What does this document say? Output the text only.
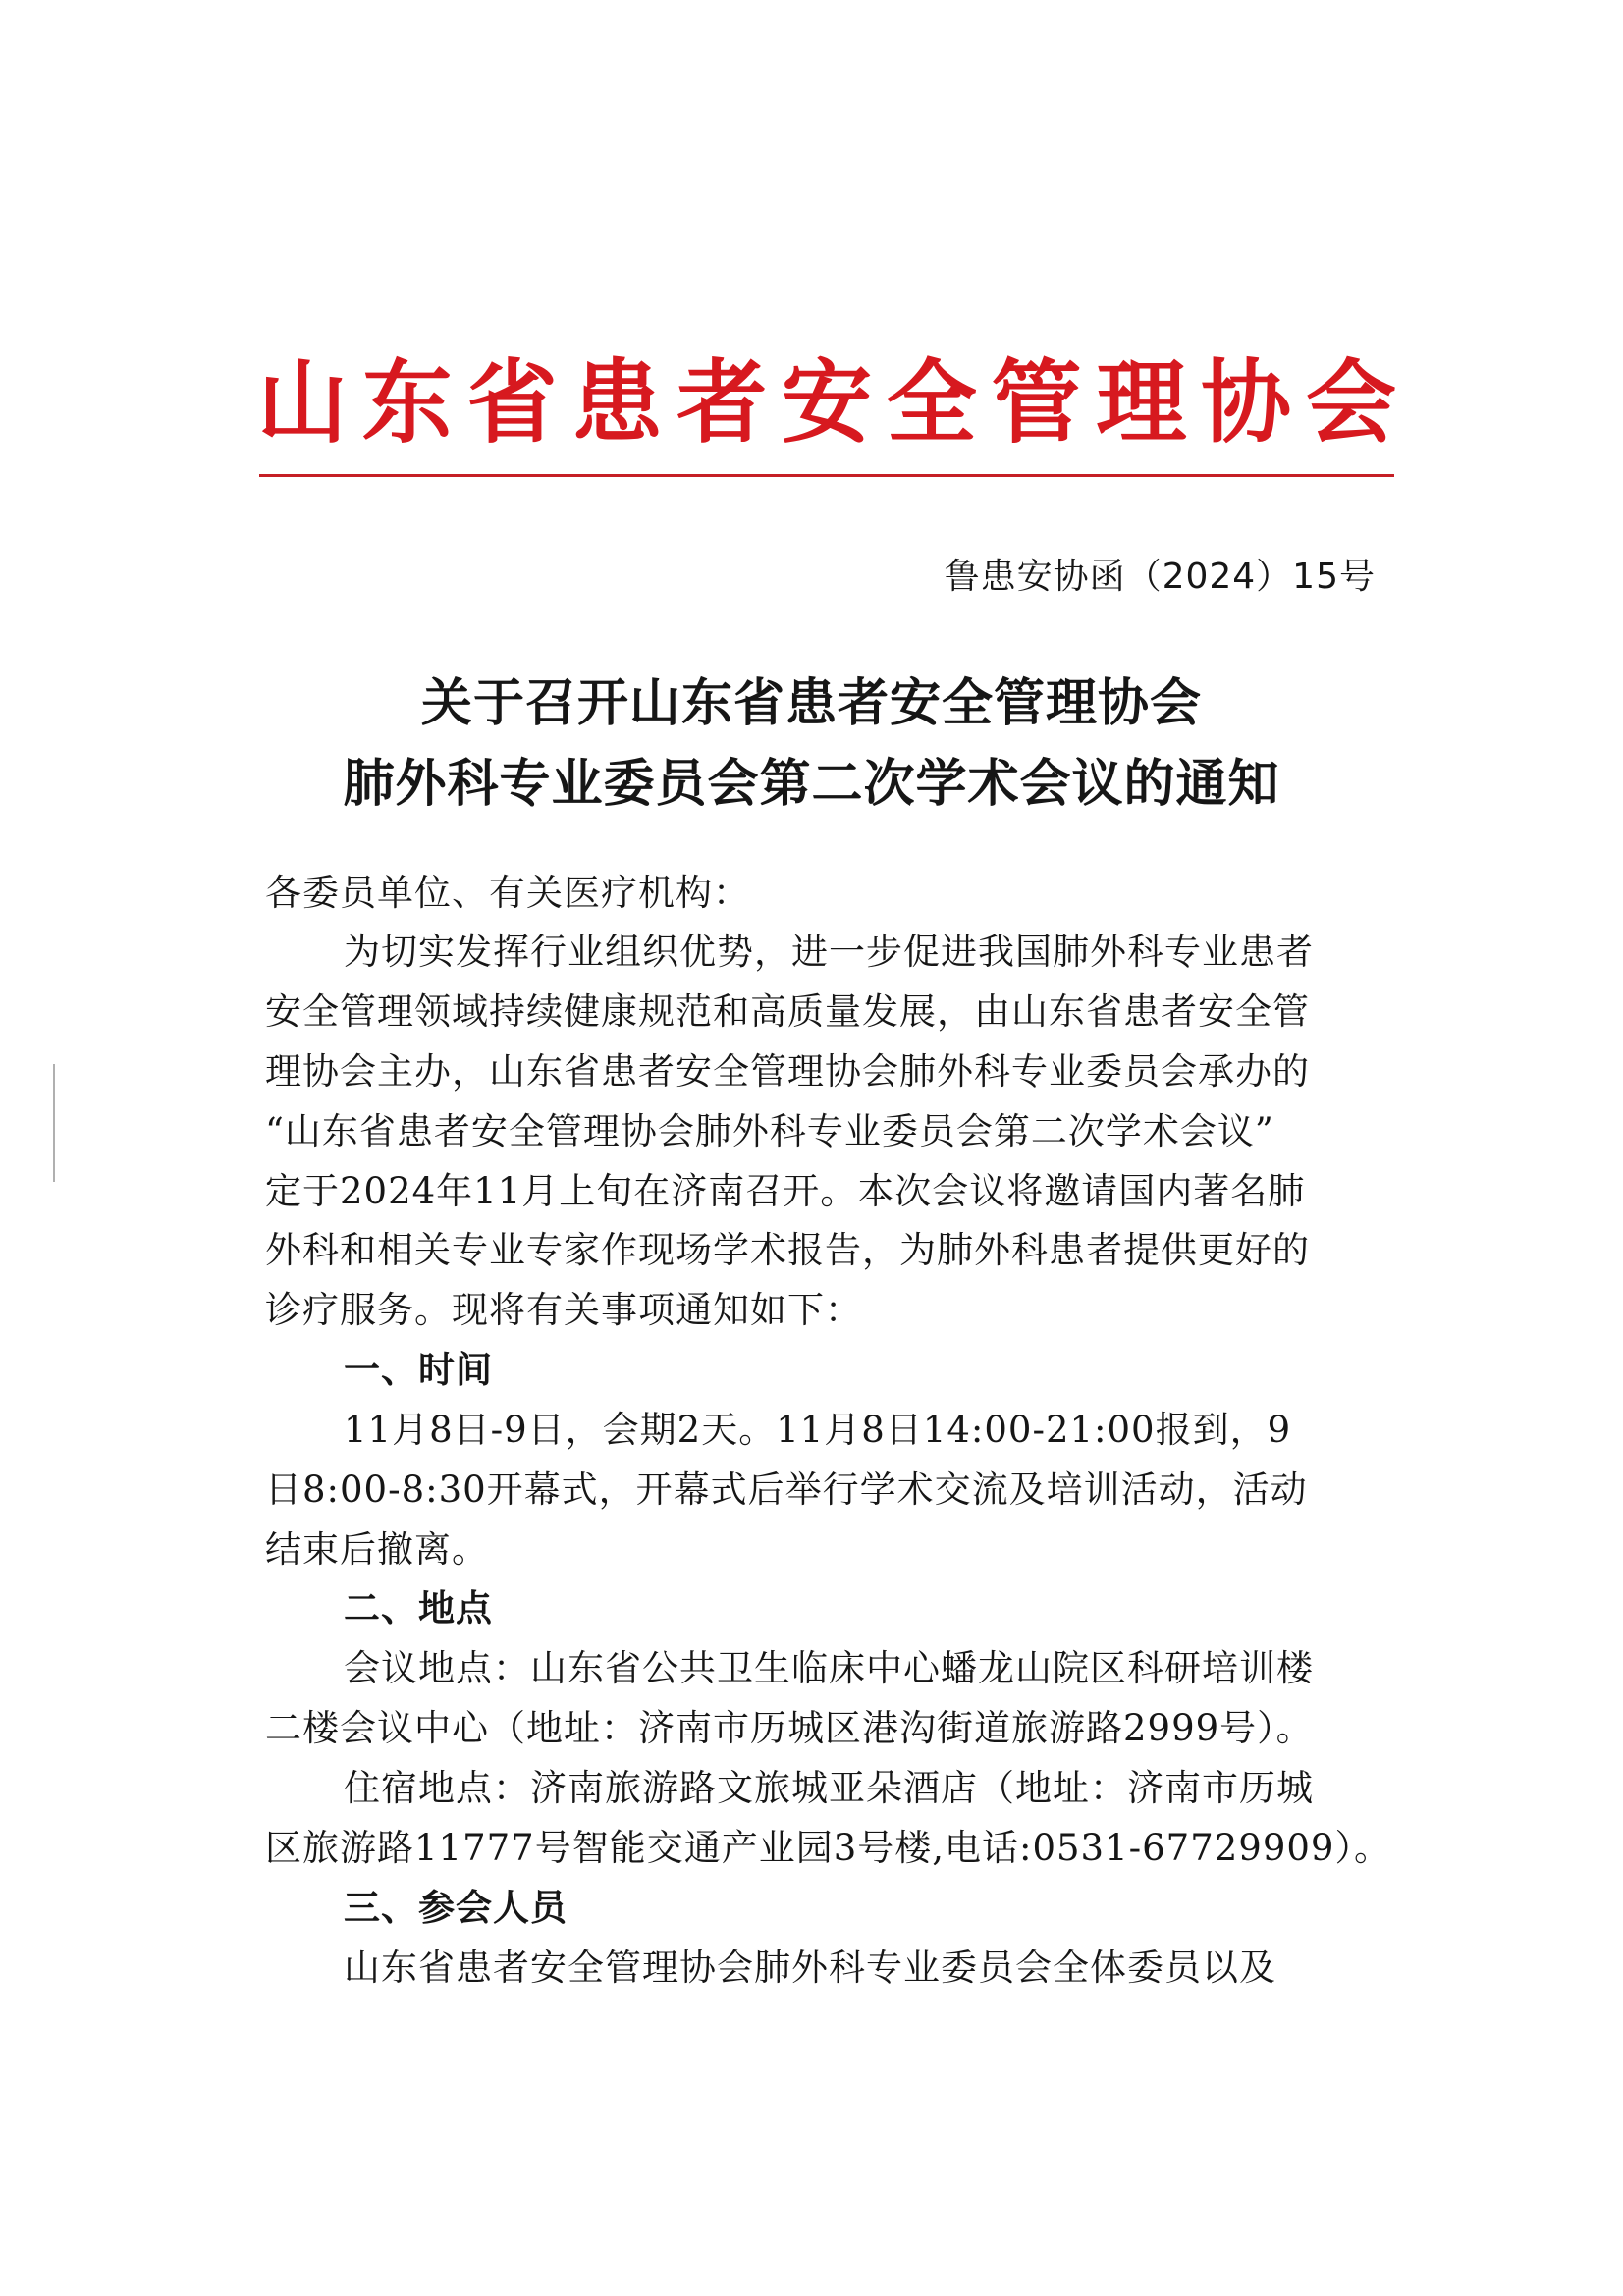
山 东 省 患 者 安 全 管 理 协 会
鲁患安协函（2024）15号
关于召开山东省患者安全管理协会
肺外科专业委员会第二次学术会议的通知
各委员单位、有关医疗机构：
为切实发挥行业组织优势，进一步促进我国肺外科专业患者
安全管理领域持续健康规范和高质量发展，由山东省患者安全管
理协会主办，山东省患者安全管理协会肺外科专业委员会承办的
“山东省患者安全管理协会肺外科专业委员会第二次学术会议”
定于2024年11月上旬在济南召开。本次会议将邀请国内著名肺
外科和相关专业专家作现场学术报告，为肺外科患者提供更好的
诊疗服务。现将有关事项通知如下：
一、时间
11月8日-9日，会期2天。11月8日14:00-21:00报到，9
日8:00-8:30开幕式，开幕式后举行学术交流及培训活动，活动
结束后撤离。
二、地点
会议地点：山东省公共卫生临床中心蟠龙山院区科研培训楼
二楼会议中心（地址：济南市历城区港沟街道旅游路2999号）。
住宿地点：济南旅游路文旅城亚朵酒店（地址：济南市历城
区旅游路11777号智能交通产业园3号楼,电话:0531-67729909）。
三、参会人员
山东省患者安全管理协会肺外科专业委员会全体委员以及
